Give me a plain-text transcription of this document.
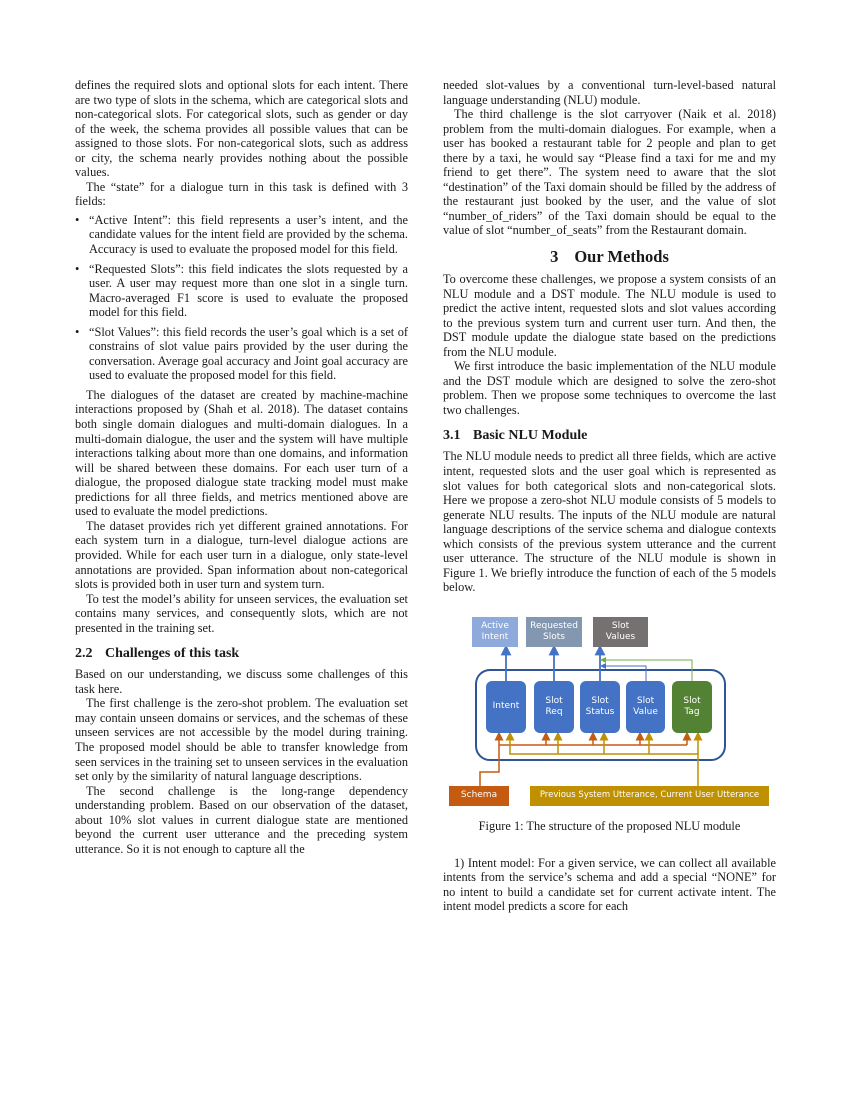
defines the required slots and optional slots for each intent. There are two type of slots in the schema, which are categorical slots and non-categorical slots. For categorical slots, such as gender or day of the week, the schema provides all possible values that can be assigned to those slots. For non-categorical slots, such as address or city, the schema nearly provides nothing about the possible values.

The “state” for a dialogue turn in this task is defined with 3 fields:

• “Active Intent”: this field represents a user’s intent, and the candidate values for the intent field are provided by the schema. Accuracy is used to evaluate the proposed model for this field.
• “Requested Slots”: this field indicates the slots requested by a user. A user may request more than one slot in a single turn. Macro-averaged F1 score is used to evaluate the proposed model for this field.
• “Slot Values”: this field records the user’s goal which is a set of constrains of slot value pairs provided by the user during the conversation. Average goal accuracy and Joint goal accuracy are used to evaluate the proposed model for this field.

The dialogues of the dataset are created by machine-machine interactions proposed by (Shah et al. 2018). The dataset contains both single domain dialogues and multi-domain dialogues. In a multi-domain dialogue, the user and the system will have multiple interactions talking about more than one domains, and information will be shared between these domains. For each user turn of a dialogue, the proposed dialogue state tracking model must make predictions for all three fields, and metrics mentioned above are used to evaluate the model predictions.

The dataset provides rich yet different grained annotations. For each system turn in a dialogue, turn-level dialogue actions are provided. While for each user turn in a dialogue, only state-level annotations are provided. Span information about non-categorical slots is provided both in user turn and system turn.

To test the model’s ability for unseen services, the evaluation set contains many services, and consequently slots, which are not presented in the training set.

2.2 Challenges of this task

Based on our understanding, we discuss some challenges of this task here.

The first challenge is the zero-shot problem. The evaluation set may contain unseen domains or services, and the schemas of these unseen services are not accessible by the model during training. The proposed model should be able to transfer knowledge from seen services in the training set to unseen services in the evaluation set only by the similarity of natural language descriptions.

The second challenge is the long-range dependency understanding problem. Based on our observation of the dataset, about 10% slot values in current dialogue state are mentioned beyond the current user utterance and the preceding system utterance. So it is not enough to capture all the

needed slot-values by a conventional turn-level-based natural language understanding (NLU) module.

The third challenge is the slot carryover (Naik et al. 2018) problem from the multi-domain dialogues. For example, when a user has booked a restaurant table for 2 people and plan to get there by a taxi, he would say “Please find a taxi for me and my friend to get there”. The system need to aware that the slot “destination” of the Taxi domain should be filled by the address of the restaurant just booked by the user, and the value of slot “number_of_riders” of the Taxi domain should be equal to the value of slot “number_of_seats” from the Restaurant domain.

3 Our Methods

To overcome these challenges, we propose a system consists of an NLU module and a DST module. The NLU module is used to predict the active intent, requested slots and slot values according to the previous system turn and current user turn. And then, the DST module update the dialogue state based on the predictions from the NLU module.

We first introduce the basic implementation of the NLU module and the DST module which are designed to solve the zero-shot problem. Then we propose some techniques to overcome the last two challenges.

3.1 Basic NLU Module

The NLU module needs to predict all three fields, which are active intent, requested slots and the user goal which is represented as slot values for both categorical slots and non-categorical slots. Here we propose a zero-shot NLU module consists of 5 models to generate NLU results. The inputs of the NLU module are natural language descriptions of the service schema and dialogue contexts which consists of the previous system utterance and the current user utterance. The structure of the NLU module is shown in Figure 1. We briefly introduce the function of each of the 5 models below.

Active
Intent
Requested
Slots
Slot
Values
Intent
Slot
Req
Slot
Status
Slot
Value
Slot
Tag
Schema	Previous System Utterance, Current User Utterance

Figure 1: The structure of the proposed NLU module

1) Intent model: For a given service, we can collect all available intents from the service’s schema and add a special “NONE” for no intent to build a candidate set for current activate intent. The intent model predicts a score for each
